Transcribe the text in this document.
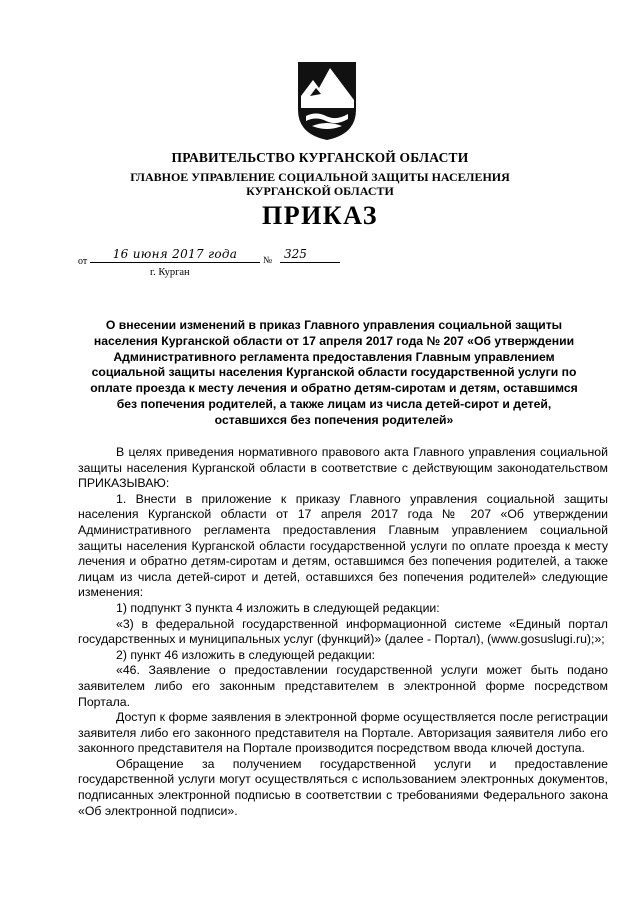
ПРАВИТЕЛЬСТВО КУРГАНСКОЙ ОБЛАСТИ
ГЛАВНОЕ УПРАВЛЕНИЕ СОЦИАЛЬНОЙ ЗАЩИТЫ НАСЕЛЕНИЯ
КУРГАНСКОЙ ОБЛАСТИ
ПРИКАЗ
от
16 июня 2017 года	№ 325
г. Курган
О внесении изменений в приказ Главного управления социальной защиты
населения Курганской области от 17 апреля 2017 года № 207 «Об утверждении
Административного регламента предоставления Главным управлением
социальной защиты населения Курганской области государственной услуги по
оплате проезда к месту лечения и обратно детям-сиротам и детям, оставшимся
без попечения родителей, а также лицам из числа детей-сирот и детей,
оставшихся без попечения родителей»

В целях приведения нормативного правового акта Главного управления социальной защиты населения Курганской области в соответствие с действующим законодательством ПРИКАЗЫВАЮ:

1. Внести в приложение к приказу Главного управления социальной защиты населения Курганской области от 17 апреля 2017 года № 207 «Об утверждении Административного регламента предоставления Главным управлением социальной защиты населения Курганской области государственной услуги по оплате проезда к месту лечения и обратно детям-сиротам и детям, оставшимся без попечения родителей, а также лицам из числа детей-сирот и детей, оставшихся без попечения родителей» следующие изменения:

1) подпункт 3 пункта 4 изложить в следующей редакции:

«3) в федеральной государственной информационной системе «Единый портал государственных и муниципальных услуг (функций)» (далее - Портал), (www.gosuslugi.ru);»;

2) пункт 46 изложить в следующей редакции:

«46. Заявление о предоставлении государственной услуги может быть подано заявителем либо его законным представителем в электронной форме посредством Портала.

Доступ к форме заявления в электронной форме осуществляется после регистрации заявителя либо его законного представителя на Портале. Авторизация заявителя либо его законного представителя на Портале производится посредством ввода ключей доступа.

Обращение за получением государственной услуги и предоставление государственной услуги могут осуществляться с использованием электронных документов, подписанных электронной подписью в соответствии с требованиями Федерального закона «Об электронной подписи».
